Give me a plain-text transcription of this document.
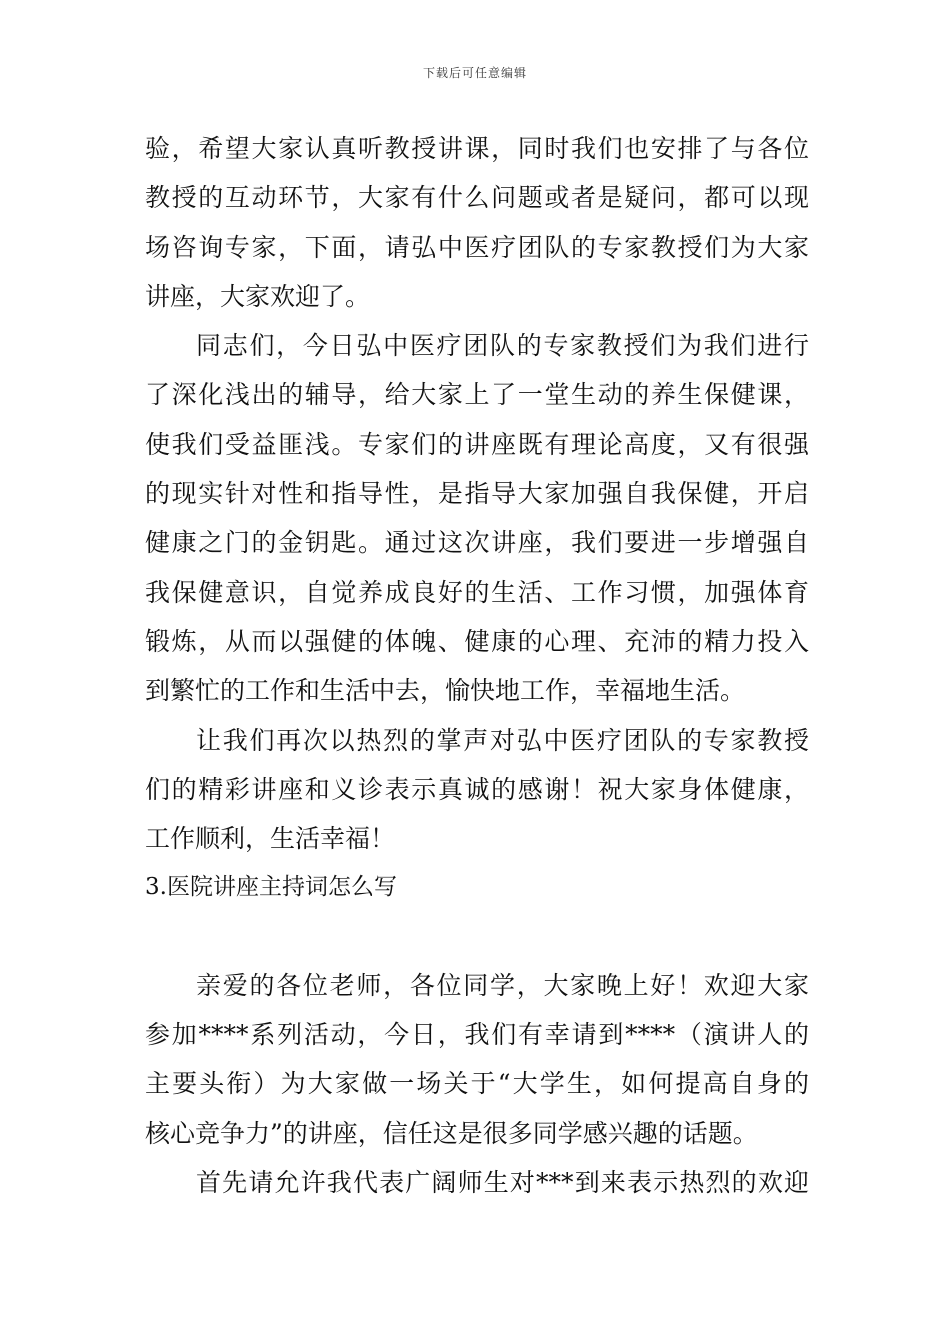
下载后可任意编辑
验，希望大家认真听教授讲课，同时我们也安排了与各位
教授的互动环节，大家有什么问题或者是疑问，都可以现
场咨询专家，下面，请弘中医疗团队的专家教授们为大家
讲座，大家欢迎了。
同志们，今日弘中医疗团队的专家教授们为我们进行
了深化浅出的辅导，给大家上了一堂生动的养生保健课，
使我们受益匪浅。专家们的讲座既有理论高度，又有很强
的现实针对性和指导性，是指导大家加强自我保健，开启
健康之门的金钥匙。通过这次讲座，我们要进一步增强自
我保健意识，自觉养成良好的生活、工作习惯，加强体育
锻炼，从而以强健的体魄、健康的心理、充沛的精力投入
到繁忙的工作和生活中去，愉快地工作，幸福地生活。
让我们再次以热烈的掌声对弘中医疗团队的专家教授
们的精彩讲座和义诊表示真诚的感谢！祝大家身体健康，
工作顺利，生活幸福！
3.医院讲座主持词怎么写
亲爱的各位老师，各位同学，大家晚上好！欢迎大家
参加****系列活动，今日，我们有幸请到****（演讲人的
主要头衔）为大家做一场关于“大学生，如何提高自身的
核心竞争力”的讲座，信任这是很多同学感兴趣的话题。
首先请允许我代表广阔师生对***到来表示热烈的欢迎
